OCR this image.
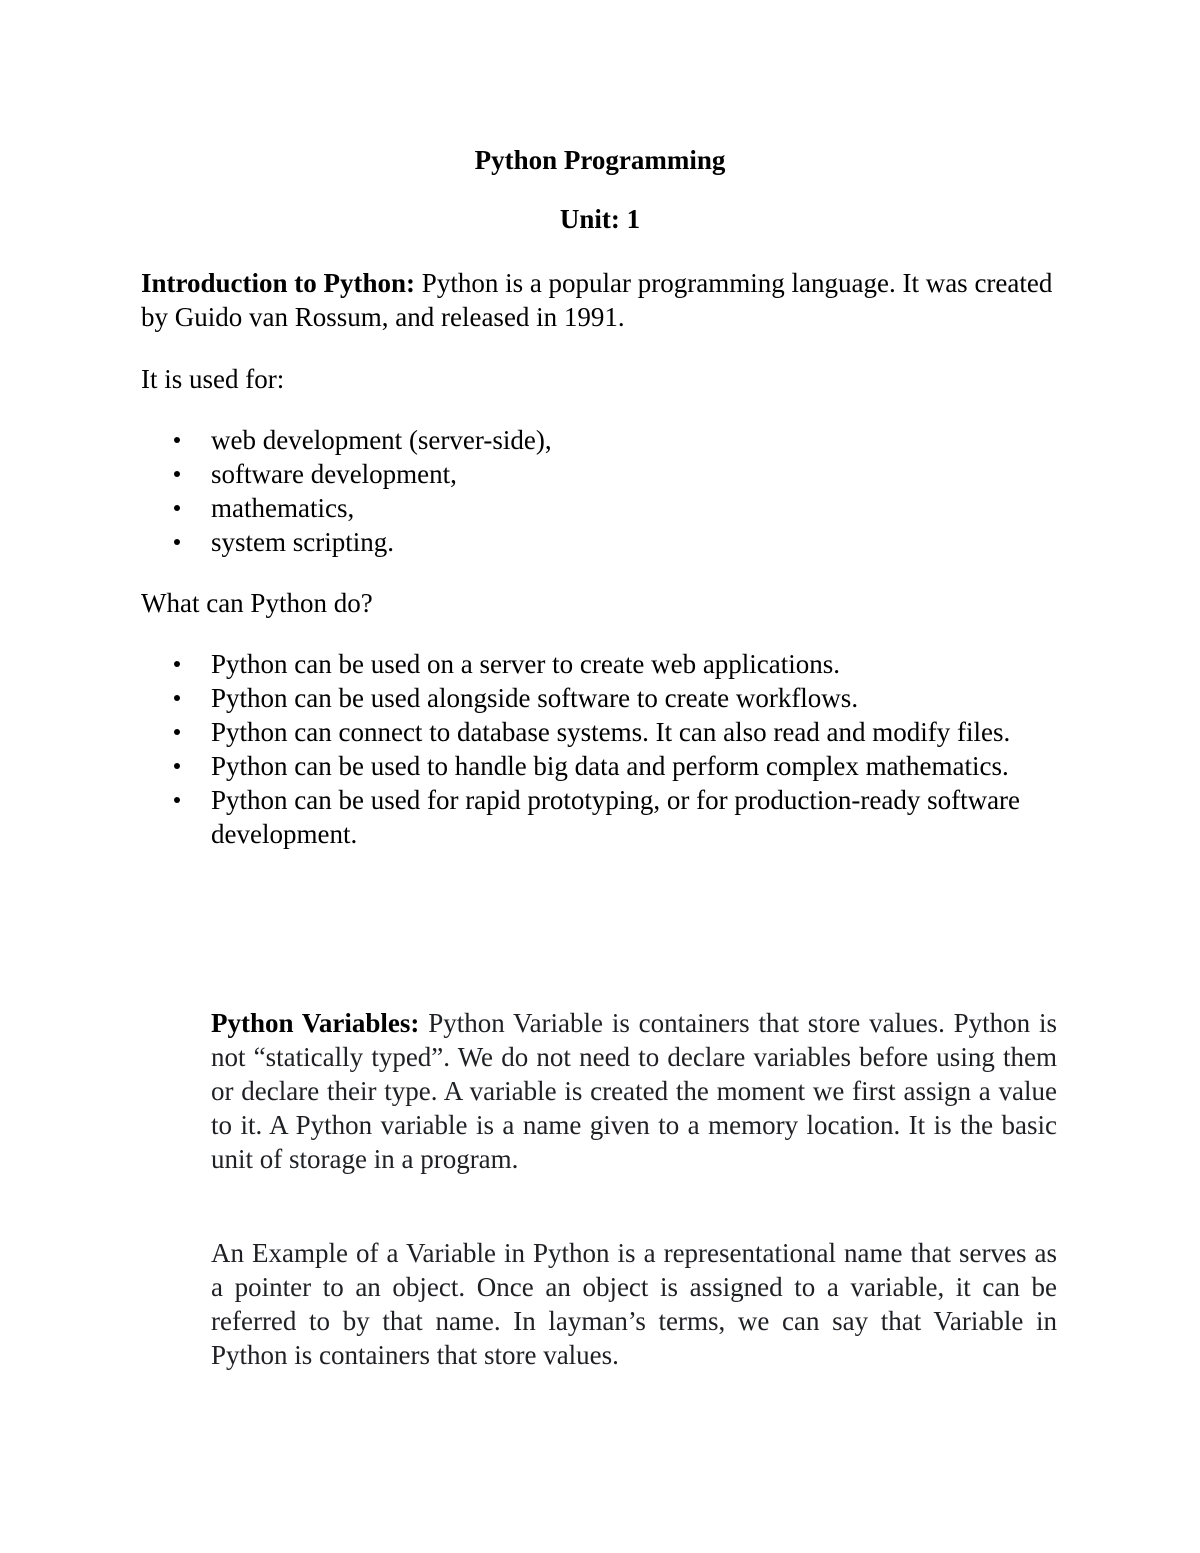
Python Programming
Unit: 1
Introduction to Python: Python is a popular programming language. It was created by Guido van Rossum, and released in 1991.
It is used for:
web development (server-side),
software development,
mathematics,
system scripting.
What can Python do?
Python can be used on a server to create web applications.
Python can be used alongside software to create workflows.
Python can connect to database systems. It can also read and modify files.
Python can be used to handle big data and perform complex mathematics.
Python can be used for rapid prototyping, or for production-ready software development.
Python Variables: Python Variable is containers that store values. Python is not “statically typed”. We do not need to declare variables before using them or declare their type. A variable is created the moment we first assign a value to it. A Python variable is a name given to a memory location. It is the basic unit of storage in a program.
An Example of a Variable in Python is a representational name that serves as a pointer to an object. Once an object is assigned to a variable, it can be referred to by that name. In layman’s terms, we can say that Variable in Python is containers that store values.
